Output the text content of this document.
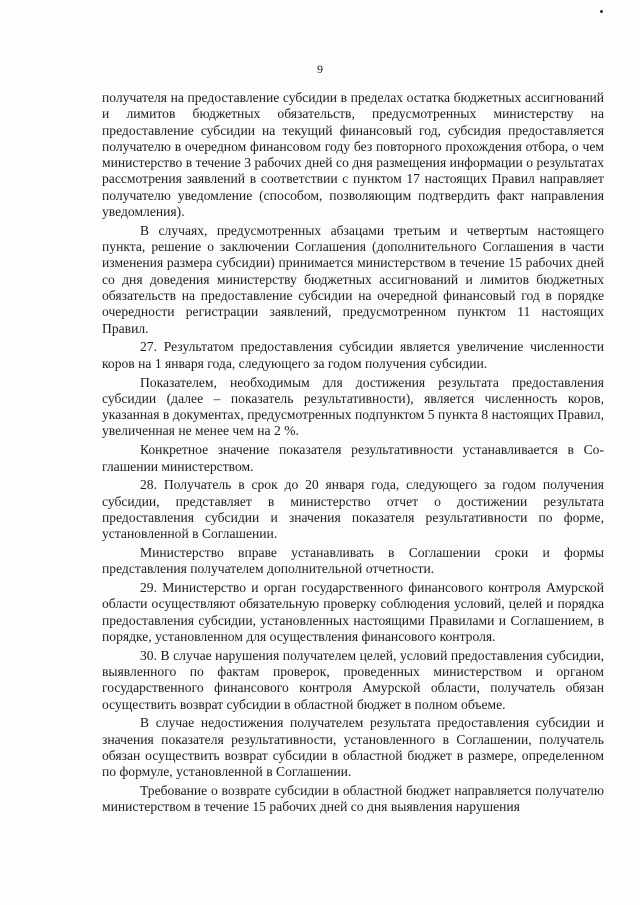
9

получателя на предоставление субсидии в пределах остатка бюджетных ассигнований и лимитов бюджетных обязательств, предусмотренных министерству на предоставление субсидии на текущий финансовый год, субсидия предоставляется получателю в очередном финансовом году без повторного прохождения отбора, о чем министерство в течение 3 рабочих дней со дня размещения информации о результатах рассмотрения заявлений в соответствии с пунктом 17 настоящих Правил направляет получателю уведомление (способом, позволяющим подтвердить факт направления уведомления).

В случаях, предусмотренных абзацами третьим и четвертым настоящего пункта, решение о заключении Соглашения (дополнительного Соглашения в части изменения размера субсидии) принимается министерством в течение 15 рабочих дней со дня доведения министерству бюджетных ассигнований и лимитов бюджетных обязательств на предоставление субсидии на очередной финансовый год в порядке очередности регистрации заявлений, предусмотренном пунктом 11 настоящих Правил.

27. Результатом предоставления субсидии является увеличение численности коров на 1 января года, следующего за годом получения субсидии.

Показателем, необходимым для достижения результата предоставления субсидии (далее – показатель результативности), является численность коров, указанная в документах, предусмотренных подпунктом 5 пункта 8 настоящих Правил, увеличенная не менее чем на 2 %.

Конкретное значение показателя результативности устанавливается в Соглашении министерством.

28. Получатель в срок до 20 января года, следующего за годом получения субсидии, представляет в министерство отчет о достижении результата предоставления субсидии и значения показателя результативности по форме, установленной в Соглашении.

Министерство вправе устанавливать в Соглашении сроки и формы представления получателем дополнительной отчетности.

29. Министерство и орган государственного финансового контроля Амурской области осуществляют обязательную проверку соблюдения условий, целей и порядка предоставления субсидии, установленных настоящими Правилами и Соглашением, в порядке, установленном для осуществления финансового контроля.

30. В случае нарушения получателем целей, условий предоставления субсидии, выявленного по фактам проверок, проведенных министерством и органом государственного финансового контроля Амурской области, получатель обязан осуществить возврат субсидии в областной бюджет в полном объеме.

В случае недостижения получателем результата предоставления субсидии и значения показателя результативности, установленного в Соглашении, получатель обязан осуществить возврат субсидии в областной бюджет в размере, определенном по формуле, установленной в Соглашении.

Требование о возврате субсидии в областной бюджет направляется получателю министерством в течение 15 рабочих дней со дня выявления нарушения
